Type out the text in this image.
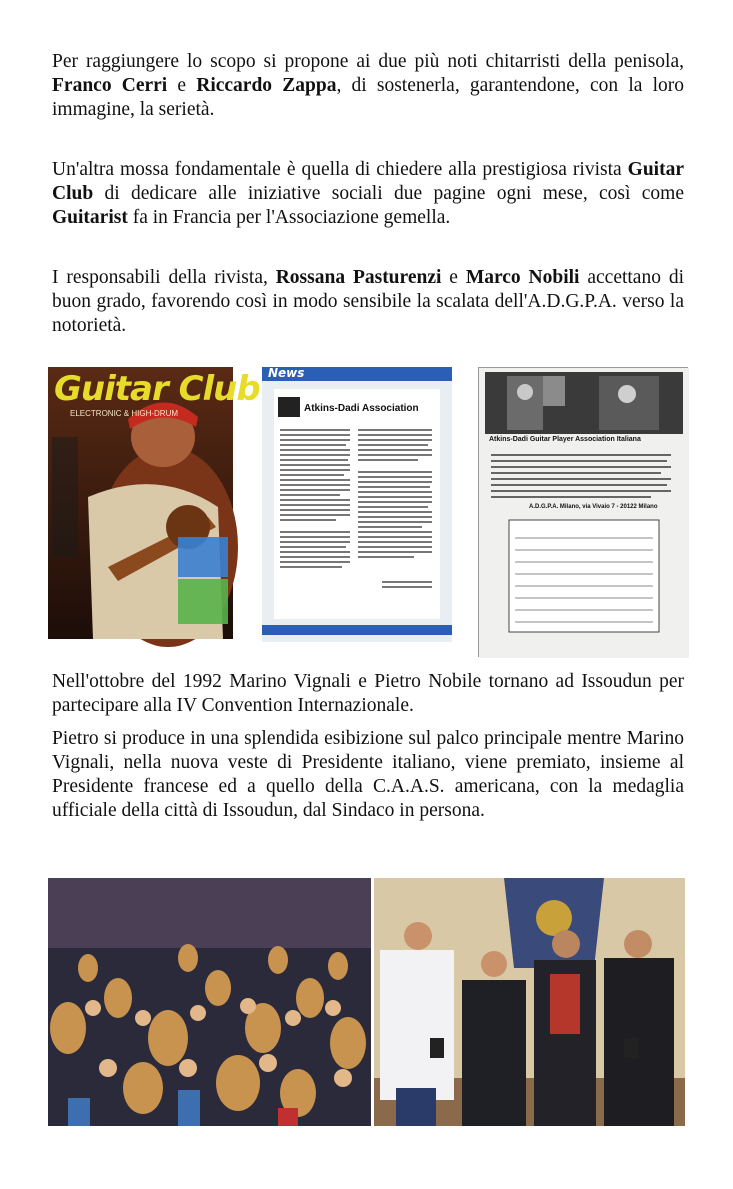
Per raggiungere lo scopo si propone ai due più noti chitarristi della penisola, Franco Cerri e Riccardo Zappa, di sostenerla, garantendone, con la loro immagine, la serietà.

Un'altra mossa fondamentale è quella di chiedere alla prestigiosa rivista Guitar Club di dedicare alle iniziative sociali due pagine ogni mese, così come Guitarist fa in Francia per l'Associazione gemella.

I responsabili della rivista, Rossana Pasturenzi e Marco Nobili accettano di buon grado, favorendo così in modo sensibile la scalata dell'A.D.G.P.A. verso la notorietà.

Guitar Club
ELECTRONIC & HIGH-DRUM
News
Atkins-Dadi Association
Atkins-Dadi Guitar Player Association Italiana
A.D.G.P.A. Milano, via Vivaio 7 - 20122 Milano

Nell'ottobre del 1992 Marino Vignali e Pietro Nobile tornano ad Issoudun per partecipare alla IV Convention Internazionale.

Pietro si produce in una splendida esibizione sul palco principale mentre Marino Vignali, nella nuova veste di Presidente italiano, viene premiato, insieme al Presidente francese ed a quello della C.A.A.S. americana, con la medaglia ufficiale della città di Issoudun, dal Sindaco in persona.
